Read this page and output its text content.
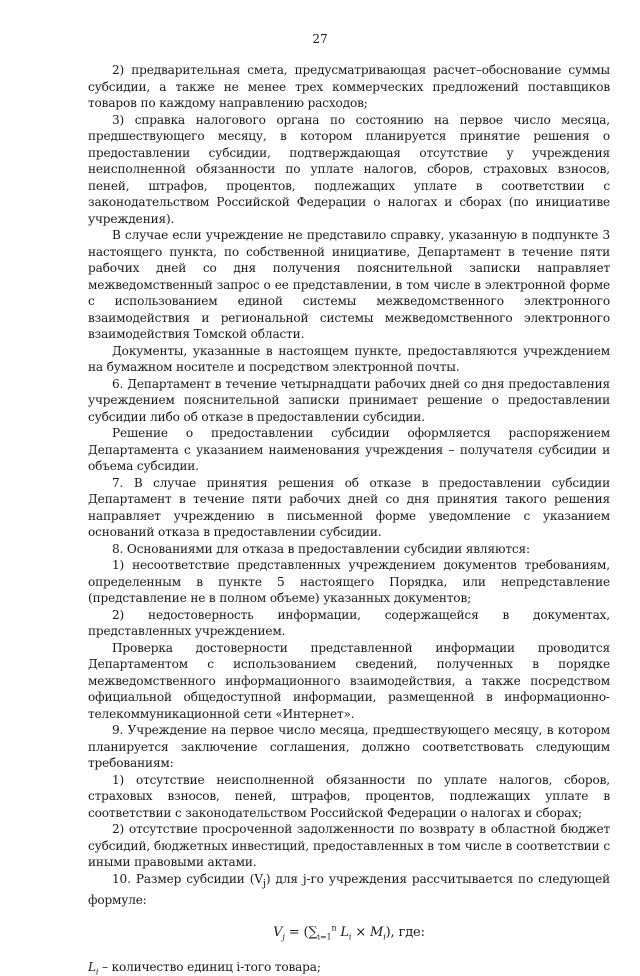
27

2) предварительная смета, предусматривающая расчет–обоснование суммы субсидии, а также не менее трех коммерческих предложений поставщиков товаров по каждому направлению расходов;

3) справка налогового органа по состоянию на первое число месяца, предшествующего месяцу, в котором планируется принятие решения о предоставлении субсидии, подтверждающая отсутствие у учреждения неисполненной обязанности по уплате налогов, сборов, страховых взносов, пеней, штрафов, процентов, подлежащих уплате в соответствии с законодательством Российской Федерации о налогах и сборах (по инициативе учреждения).

В случае если учреждение не представило справку, указанную в подпункте 3 настоящего пункта, по собственной инициативе, Департамент в течение пяти рабочих дней со дня получения пояснительной записки направляет межведомственный запрос о ее представлении, в том числе в электронной форме с использованием единой системы межведомственного электронного взаимодействия и региональной системы межведомственного электронного взаимодействия Томской области.

Документы, указанные в настоящем пункте, предоставляются учреждением на бумажном носителе и посредством электронной почты.

6. Департамент в течение четырнадцати рабочих дней со дня предоставления учреждением пояснительной записки принимает решение о предоставлении субсидии либо об отказе в предоставлении субсидии.

Решение о предоставлении субсидии оформляется распоряжением Департамента с указанием наименования учреждения – получателя субсидии и объема субсидии.

7. В случае принятия решения об отказе в предоставлении субсидии Департамент в течение пяти рабочих дней со дня принятия такого решения направляет учреждению в письменной форме уведомление с указанием оснований отказа в предоставлении субсидии.

8. Основаниями для отказа в предоставлении субсидии являются:

1) несоответствие представленных учреждением документов требованиям, определенным в пункте 5 настоящего Порядка, или непредставление (представление не в полном объеме) указанных документов;

2) недостоверность информации, содержащейся в документах, представленных учреждением.

Проверка достоверности представленной информации проводится Департаментом с использованием сведений, полученных в порядке межведомственного информационного взаимодействия, а также посредством официальной общедоступной информации, размещенной в информационно-телекоммуникационной сети «Интернет».

9. Учреждение на первое число месяца, предшествующего месяцу, в котором планируется заключение соглашения, должно соответствовать следующим требованиям:

1) отсутствие неисполненной обязанности по уплате налогов, сборов, страховых взносов, пеней, штрафов, процентов, подлежащих уплате в соответствии с законодательством Российской Федерации о налогах и сборах;

2) отсутствие просроченной задолженности по возврату в областной бюджет субсидий, бюджетных инвестиций, предоставленных в том числе в соответствии с иными правовыми актами.

10. Размер субсидии $(V_j)$ для j-го учреждения рассчитывается по следующей формуле:

$V_j = (\sum_{i=1}^n$ $L_i \times M_i$), где:

$L_i$ – количество единиц i-того товара;
